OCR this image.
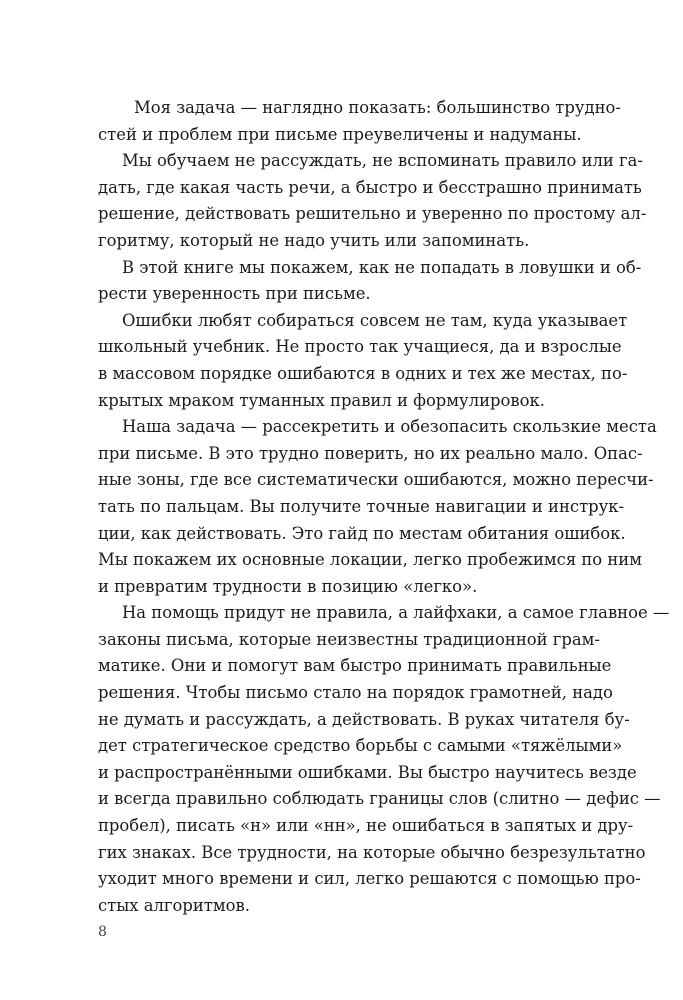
Моя задача — наглядно показать: большинство трудно-
стей и проблем при письме преувеличены и надуманы.
Мы обучаем не рассуждать, не вспоминать правило или га-
дать, где какая часть речи, а быстро и бесстрашно принимать
решение, действовать решительно и уверенно по простому ал-
горитму, который не надо учить или запоминать.
В этой книге мы покажем, как не попадать в ловушки и об-
рести уверенность при письме.
Ошибки любят собираться совсем не там, куда указывает
школьный учебник. Не просто так учащиеся, да и взрослые
в массовом порядке ошибаются в одних и тех же местах, по-
крытых мраком туманных правил и формулировок.
Наша задача — рассекретить и обезопасить скользкие места
при письме. В это трудно поверить, но их реально мало. Опас-
ные зоны, где все систематически ошибаются, можно пересчи-
тать по пальцам. Вы получите точные навигации и инструк-
ции, как действовать. Это гайд по местам обитания ошибок.
Мы покажем их основные локации, легко пробежимся по ним
и превратим трудности в позицию «легко».
На помощь придут не правила, а лайфхаки, а самое главное —
законы письма, которые неизвестны традиционной грам-
матике. Они и помогут вам быстро принимать правильные
решения. Чтобы письмо стало на порядок грамотней, надо
не думать и рассуждать, а действовать. В руках читателя бу-
дет стратегическое средство борьбы с самыми «тяжёлыми»
и распространёнными ошибками. Вы быстро научитесь везде
и всегда правильно соблюдать границы слов (слитно — дефис —
пробел), писать «н» или «нн», не ошибаться в запятых и дру-
гих знаках. Все трудности, на которые обычно безрезультатно
уходит много времени и сил, легко решаются с помощью про-
стых алгоритмов.
8
